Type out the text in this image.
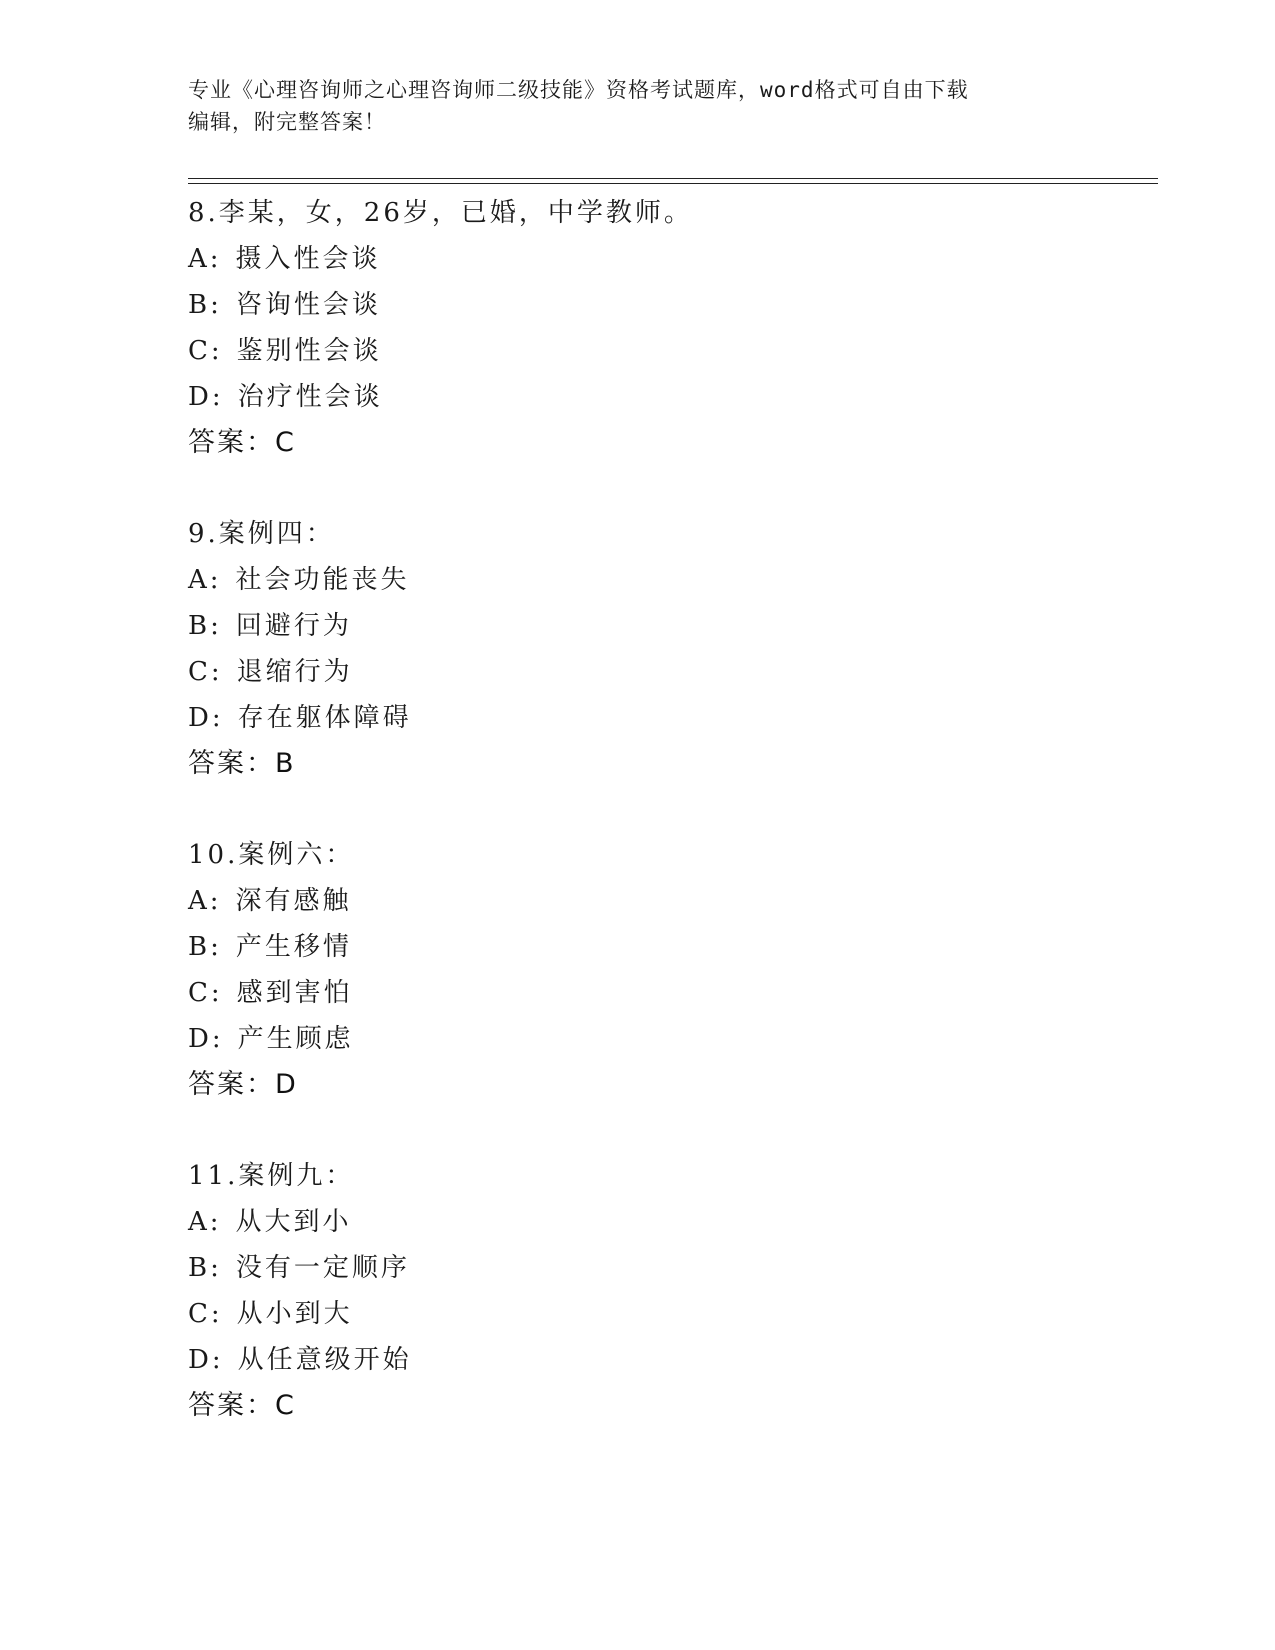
专业《心理咨询师之心理咨询师二级技能》资格考试题库，word格式可自由下载
编辑，附完整答案！
8.李某，女，26岁，已婚，中学教师。
A: 摄入性会谈
B: 咨询性会谈
C: 鉴别性会谈
D: 治疗性会谈
答案：C
9.案例四：
A: 社会功能丧失
B: 回避行为
C: 退缩行为
D: 存在躯体障碍
答案：B
10.案例六：
A: 深有感触
B: 产生移情
C: 感到害怕
D: 产生顾虑
答案：D
11.案例九：
A: 从大到小
B: 没有一定顺序
C: 从小到大
D: 从任意级开始
答案：C
